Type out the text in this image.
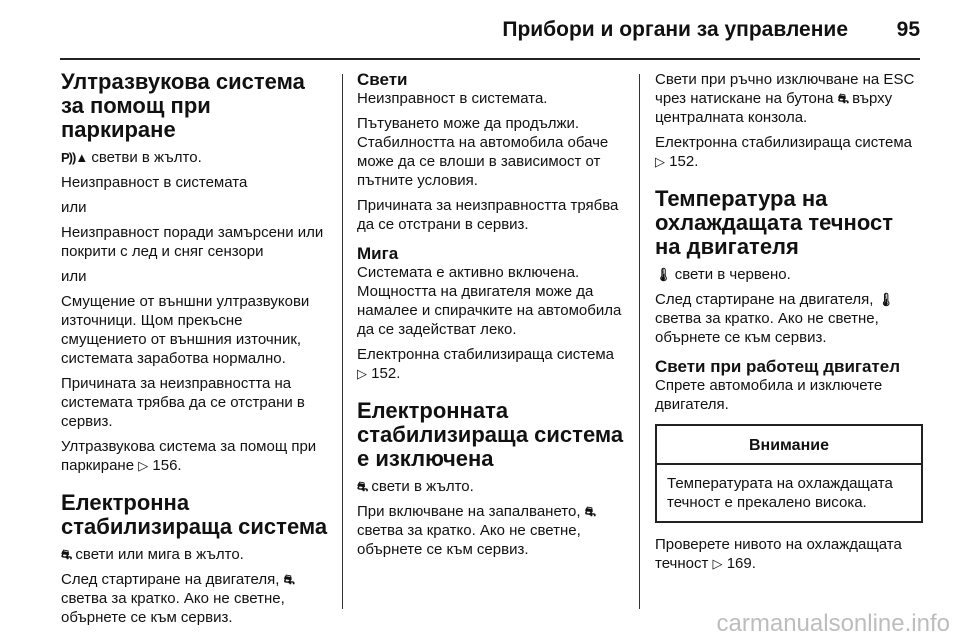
Прибори и органи за управление 95
Ултразвукова система за помощ при паркиране

P))▲ светви в жълто.

Неизправност в системата

или

Неизправност поради замърсени или покрити с лед и сняг сензори

или

Смущение от външни ултразвукови източници. Щом прекъсне смущението от външния източник, системата заработва нормално.

Причината за неизправността на системата трябва да се отстрани в сервиз.

Ултразвукова система за помощ при паркиране ▷ 156.

Електронна стабилизираща система

⛐ свети или мига в жълто.

След стартиране на двигателя, ⛐ светва за кратко. Ако не светне, обърнете се към сервиз.

Свети

Неизправност в системата.

Пътуването може да продължи. Стабилността на автомобила обаче може да се влоши в зависимост от пътните условия.

Причината за неизправността трябва да се отстрани в сервиз.

Мига

Системата е активно включена. Мощността на двигателя може да намалее и спирачките на автомобила да се задействат леко.

Електронна стабилизираща система ▷ 152.

Електронната стабилизираща система е изключена

⛐ свети в жълто.

При включване на запалването, ⛐ светва за кратко. Ако не светне, обърнете се към сервиз.

Свети при ръчно изключване на ESC чрез натискане на бутона ⛐ върху централната конзола.

Електронна стабилизираща система ▷ 152.

Температура на охлаждащата течност на двигателя

🌡 свети в червено.

След стартиране на двигателя, 🌡 светва за кратко. Ако не светне, обърнете се към сервиз.

Свети при работещ двигател

Спрете автомобила и изключете двигателя.

Внимание
Температурата на охлаждащата течност е прекалено висока.

Проверете нивото на охлаждащата течност ▷ 169.

carmanualsonline.info
